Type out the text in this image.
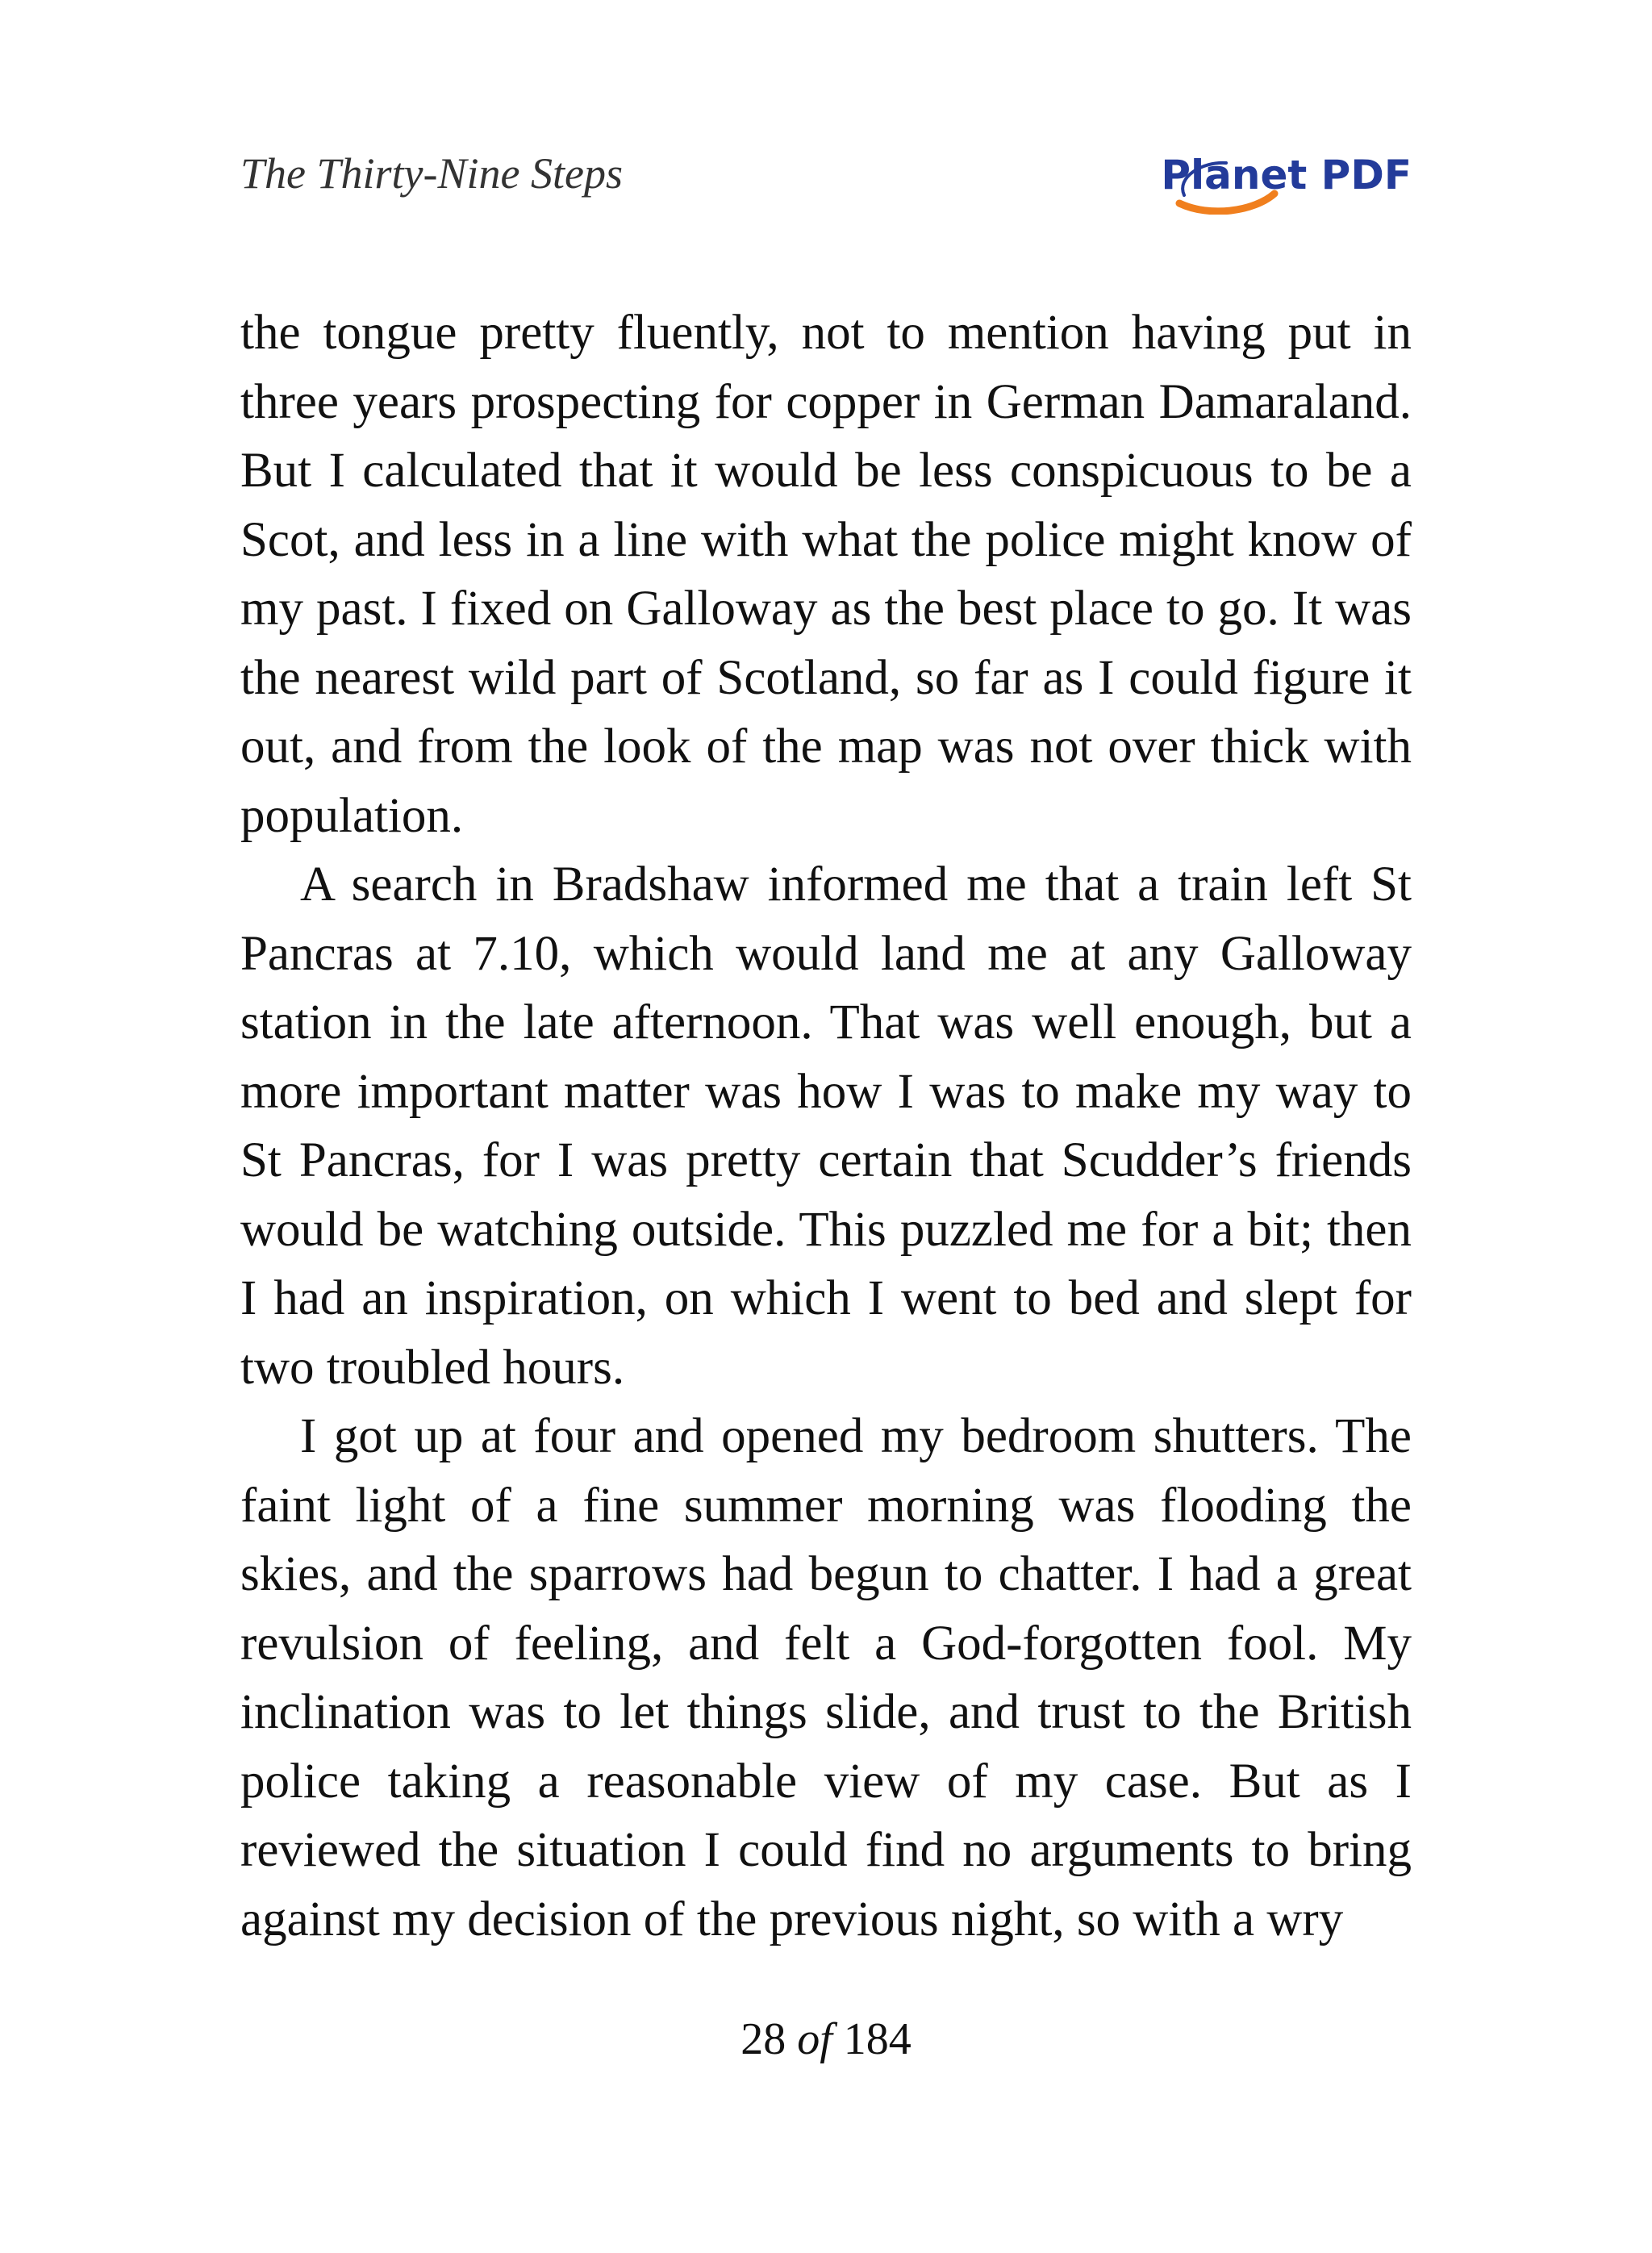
The Thirty-Nine Steps	Planet PDF

the tongue pretty fluently, not to mention having put in three years prospecting for copper in German Damaraland. But I calculated that it would be less conspicuous to be a Scot, and less in a line with what the police might know of my past. I fixed on Galloway as the best place to go. It was the nearest wild part of Scotland, so far as I could figure it out, and from the look of the map was not over thick with population.

A search in Bradshaw informed me that a train left St Pancras at 7.10, which would land me at any Galloway station in the late afternoon. That was well enough, but a more important matter was how I was to make my way to St Pancras, for I was pretty certain that Scudder’s friends would be watching outside. This puzzled me for a bit; then I had an inspiration, on which I went to bed and slept for two troubled hours.

I got up at four and opened my bedroom shutters. The faint light of a fine summer morning was flooding the skies, and the sparrows had begun to chatter. I had a great revulsion of feeling, and felt a God-forgotten fool. My inclination was to let things slide, and trust to the British police taking a reasonable view of my case. But as I reviewed the situation I could find no arguments to bring against my decision of the previous night, so with a wry

28 of 184
